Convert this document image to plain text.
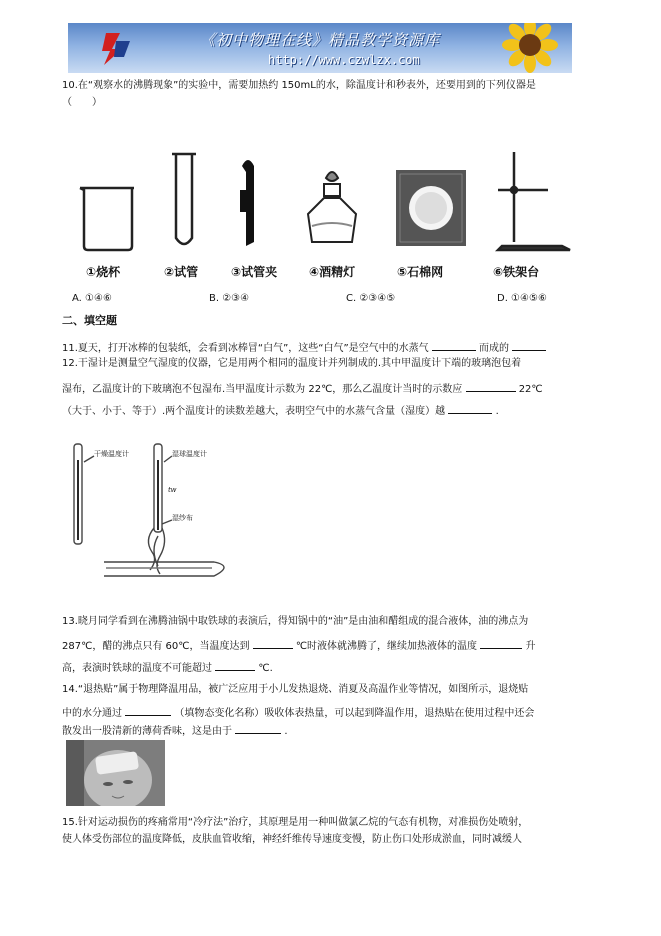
《初中物理在线》精品教学资源库
http://www.czwlzx.com
10.在“观察水的沸腾现象”的实验中，需要加热约 150mL的水，除温度计和秒表外，还要用到的下列仪器是
（　　）
①烧杯	②试管	③试管夹	④酒精灯	⑤石棉网	⑥铁架台
A. ①④⑥	B. ②③④	C. ②③④⑤	D. ①④⑤⑥
二、填空题
11.夏天，打开冰棒的包装纸，会看到冰棒冒“白气”，这些“白气”是空气中的水蒸气	而成的
12.干湿计是测量空气湿度的仪器，它是用两个相同的温度计并列制成的.其中甲温度计下端的玻璃泡包着
湿布，乙温度计的下玻璃泡不包湿布.当甲温度计示数为 22℃，那么乙温度计当时的示数应	22℃
（大于、小于、等于）.两个温度计的读数差越大，表明空气中的水蒸气含量（湿度）越	.
干燥温度计	湿球温度计
tw
湿纱布
13.晓月同学看到在沸腾油锅中取铁球的表演后，得知锅中的“油”是由油和醋组成的混合液体，油的沸点为
287℃，醋的沸点只有 60℃，当温度达到	℃时液体就沸腾了，继续加热液体的温度	升
高，表演时铁球的温度不可能超过	℃.
14.“退热贴”属于物理降温用品，被广泛应用于小儿发热退烧、消夏及高温作业等情况，如图所示，退烧贴
中的水分通过	（填物态变化名称）吸收体表热量，可以起到降温作用，退热贴在使用过程中还会
散发出一股清新的薄荷香味，这是由于	.
15.针对运动损伤的疼痛常用“冷疗法”治疗，其原理是用一种叫做氯乙烷的气态有机物，对准损伤处喷射，
使人体受伤部位的温度降低，皮肤血管收缩，神经纤维传导速度变慢，防止伤口处形成淤血，同时减缓人
